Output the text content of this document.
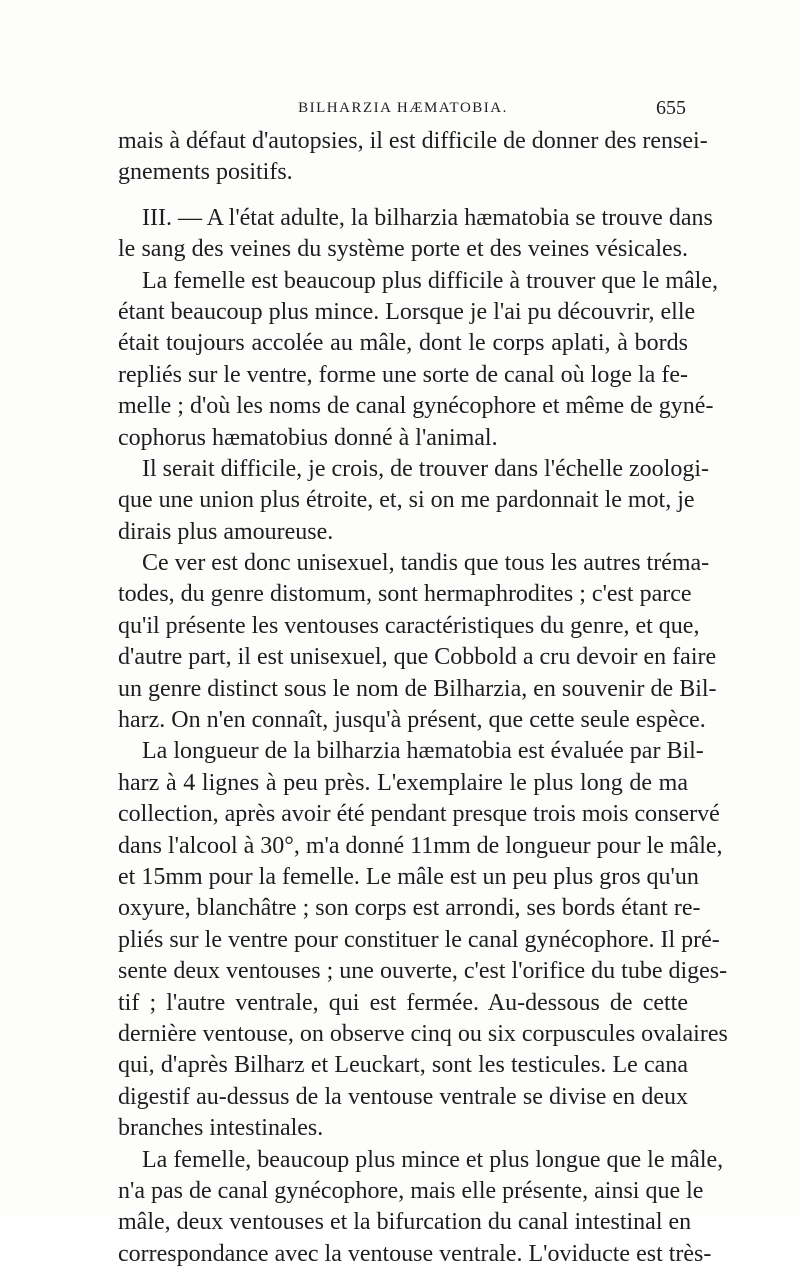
BILHARZIA HÆMATOBIA.	655
mais à défaut d'autopsies, il est difficile de donner des rensei-
gnements positifs.
III. — A l'état adulte, la bilharzia hæmatobia se trouve dans
le sang des veines du système porte et des veines vésicales.
La femelle est beaucoup plus difficile à trouver que le mâle,
étant beaucoup plus mince. Lorsque je l'ai pu découvrir, elle
était toujours accolée au mâle, dont le corps aplati, à bords
repliés sur le ventre, forme une sorte de canal où loge la fe-
melle ; d'où les noms de canal gynécophore et même de gyné-
cophorus hæmatobius donné à l'animal.
Il serait difficile, je crois, de trouver dans l'échelle zoologi-
que une union plus étroite, et, si on me pardonnait le mot, je
dirais plus amoureuse.
Ce ver est donc unisexuel, tandis que tous les autres tréma-
todes, du genre distomum, sont hermaphrodites ; c'est parce
qu'il présente les ventouses caractéristiques du genre, et que,
d'autre part, il est unisexuel, que Cobbold a cru devoir en faire
un genre distinct sous le nom de Bilharzia, en souvenir de Bil-
harz. On n'en connaît, jusqu'à présent, que cette seule espèce.
La longueur de la bilharzia hæmatobia est évaluée par Bil-
harz à 4 lignes à peu près. L'exemplaire le plus long de ma
collection, après avoir été pendant presque trois mois conservé
dans l'alcool à 30°, m'a donné 11mm de longueur pour le mâle,
et 15mm pour la femelle. Le mâle est un peu plus gros qu'un
oxyure, blanchâtre ; son corps est arrondi, ses bords étant re-
pliés sur le ventre pour constituer le canal gynécophore. Il pré-
sente deux ventouses ; une ouverte, c'est l'orifice du tube diges-
tif ; l'autre ventrale, qui est fermée. Au-dessous de cette
dernière ventouse, on observe cinq ou six corpuscules ovalaires
qui, d'après Bilharz et Leuckart, sont les testicules. Le cana
digestif au-dessus de la ventouse ventrale se divise en deux
branches intestinales.
La femelle, beaucoup plus mince et plus longue que le mâle,
n'a pas de canal gynécophore, mais elle présente, ainsi que le
mâle, deux ventouses et la bifurcation du canal intestinal en
correspondance avec la ventouse ventrale. L'oviducte est très-
